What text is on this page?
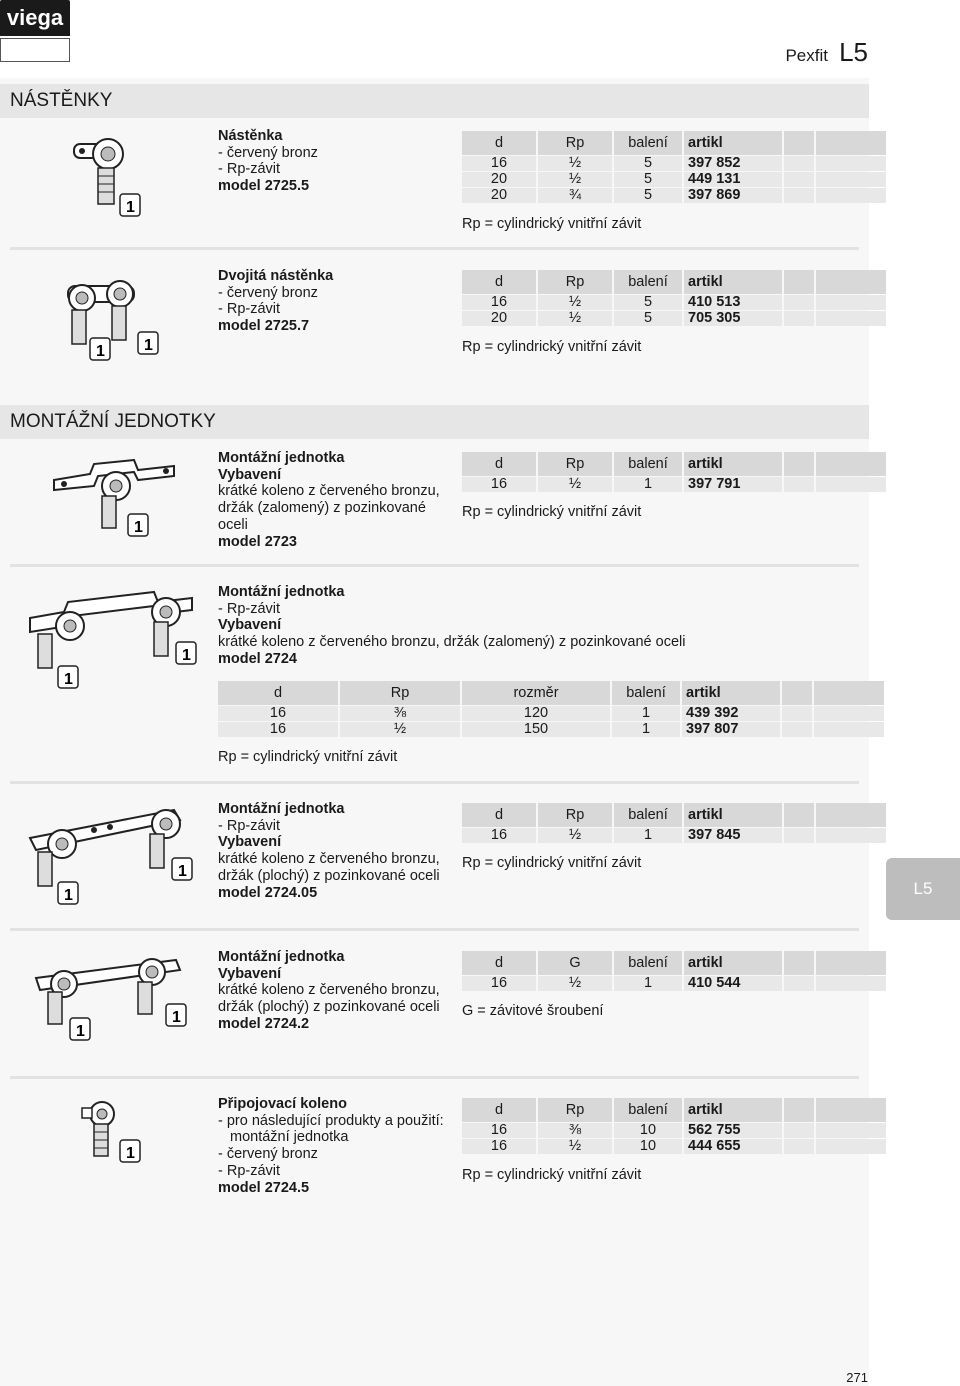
viega
Pexfit L5
NÁSTĚNKY
MONTÁŽNÍ JEDNOTKY
1
Nástěnka
- červený bronz
- Rp-závit
model 2725.5
d	Rp	balení	artikl		
16	½	5	397 852		
20	½	5	449 131		
20	¾	5	397 869		
Rp = cylindrický vnitřní závit
1 1
Dvojitá nástěnka
- červený bronz
- Rp-závit
model 2725.7
d	Rp	balení	artikl		
16	½	5	410 513		
20	½	5	705 305		
Rp = cylindrický vnitřní závit
1
Montážní jednotka
Vybavení
krátké koleno z červeného bronzu,
držák (zalomený) z pozinkované
oceli
model 2723
d	Rp	balení	artikl		
16	½	1	397 791		
Rp = cylindrický vnitřní závit
1
1
Montážní jednotka
- Rp-závit
Vybavení
krátké koleno z červeného bronzu, držák (zalomený) z pozinkované oceli
model 2724
d	Rp	rozměr	balení	artikl		
16	⅜	120	1	439 392		
16	½	150	1	397 807		
Rp = cylindrický vnitřní závit
1
1
Montážní jednotka
- Rp-závit
Vybavení
krátké koleno z červeného bronzu,
držák (plochý) z pozinkované oceli
model 2724.05
d	Rp	balení	artikl		
16	½	1	397 845		
Rp = cylindrický vnitřní závit
1
1
Montážní jednotka
Vybavení
krátké koleno z červeného bronzu,
držák (plochý) z pozinkované oceli
model 2724.2
d	G	balení	artikl		
16	½	1	410 544		
G = závitové šroubení
1
Připojovací koleno
- pro následující produkty a použití:
montážní jednotka
- červený bronz
- Rp-závit
model 2724.5
d	Rp	balení	artikl		
16	⅜	10	562 755		
16	½	10	444 655		
Rp = cylindrický vnitřní závit
L5
271
